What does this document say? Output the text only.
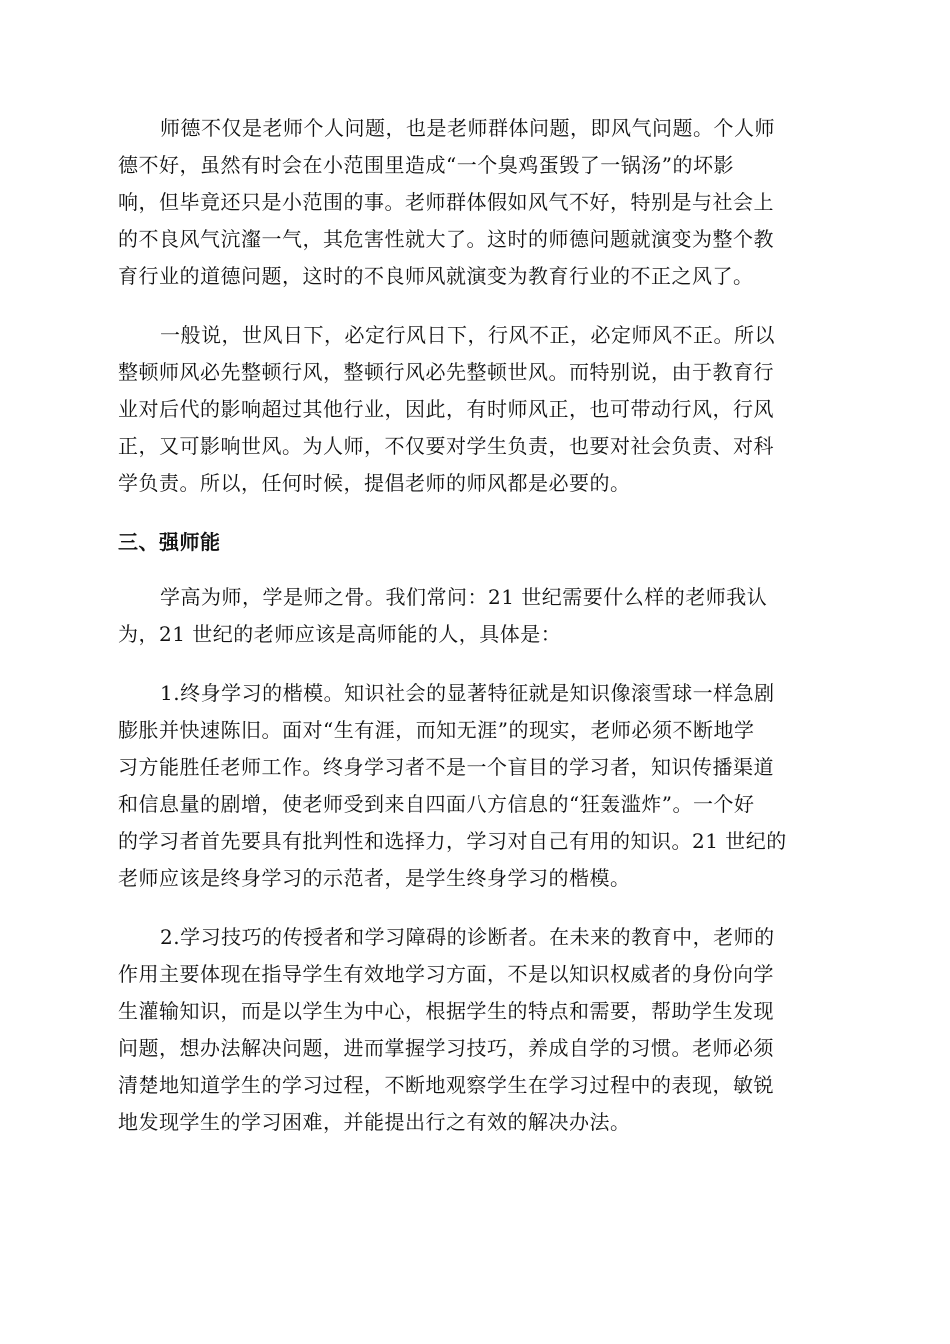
师德不仅是老师个人问题，也是老师群体问题，即风气问题。个人师
德不好，虽然有时会在小范围里造成“一个臭鸡蛋毁了一锅汤”的坏影
响，但毕竟还只是小范围的事。老师群体假如风气不好，特别是与社会上
的不良风气沆瀣一气，其危害性就大了。这时的师德问题就演变为整个教
育行业的道德问题，这时的不良师风就演变为教育行业的不正之风了。

一般说，世风日下，必定行风日下，行风不正，必定师风不正。所以
整顿师风必先整顿行风，整顿行风必先整顿世风。而特别说，由于教育行
业对后代的影响超过其他行业，因此，有时师风正，也可带动行风，行风
正，又可影响世风。为人师，不仅要对学生负责，也要对社会负责、对科
学负责。所以，任何时候，提倡老师的师风都是必要的。

三、强师能

学高为师，学是师之骨。我们常问：21 世纪需要什么样的老师我认
为，21 世纪的老师应该是高师能的人，具体是：

1.终身学习的楷模。知识社会的显著特征就是知识像滚雪球一样急剧
膨胀并快速陈旧。面对“生有涯，而知无涯”的现实，老师必须不断地学
习方能胜任老师工作。终身学习者不是一个盲目的学习者，知识传播渠道
和信息量的剧增，使老师受到来自四面八方信息的“狂轰滥炸”。一个好
的学习者首先要具有批判性和选择力，学习对自己有用的知识。21 世纪的
老师应该是终身学习的示范者，是学生终身学习的楷模。

2.学习技巧的传授者和学习障碍的诊断者。在未来的教育中，老师的
作用主要体现在指导学生有效地学习方面，不是以知识权威者的身份向学
生灌输知识，而是以学生为中心，根据学生的特点和需要，帮助学生发现
问题，想办法解决问题，进而掌握学习技巧，养成自学的习惯。老师必须
清楚地知道学生的学习过程，不断地观察学生在学习过程中的表现，敏锐
地发现学生的学习困难，并能提出行之有效的解决办法。
